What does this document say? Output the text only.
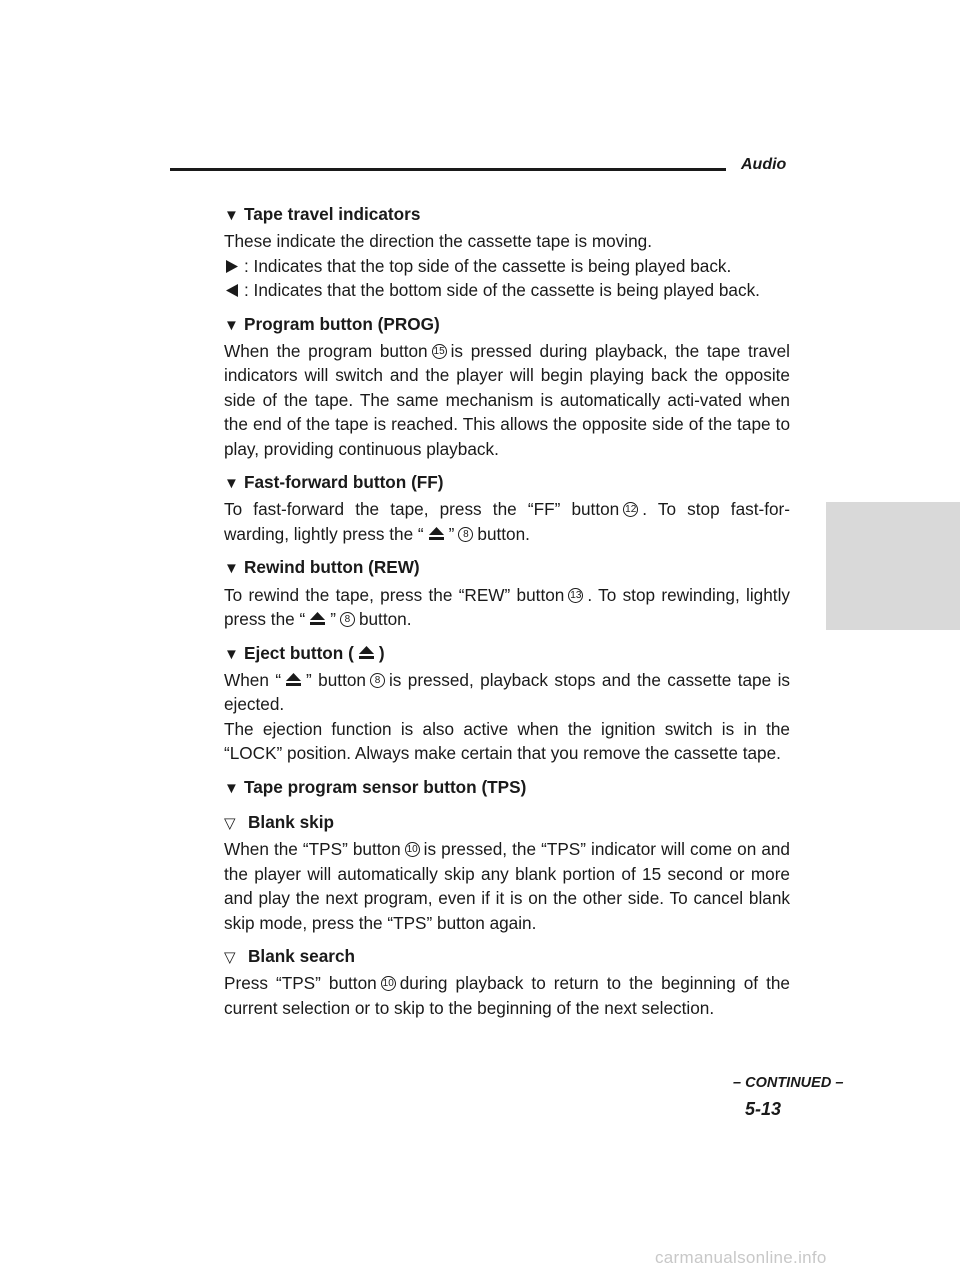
Audio
▼ Tape travel indicators

These indicate the direction the cassette tape is moving.

: Indicates that the top side of the cassette is being played back.

: Indicates that the bottom side of the cassette is being played back.

▼ Program button (PROG)

When the program button 15 is pressed during playback, the tape travel indicators will switch and the player will begin playing back the opposite side of the tape. The same mechanism is automatically acti-vated when the end of the tape is reached. This allows the opposite side of the tape to play, providing continuous playback.

▼ Fast-forward button (FF)

To fast-forward the tape, press the “FF” button 12 . To stop fast-for-warding, lightly press the “ ” 8 button.

▼ Rewind button (REW)

To rewind the tape, press the “REW” button 13 . To stop rewinding, lightly press the “ ” 8 button.

▼ Eject button ( )

When “ ” button 8 is pressed, playback stops and the cassette tape is ejected.

The ejection function is also active when the ignition switch is in the “LOCK” position. Always make certain that you remove the cassette tape.

▼ Tape program sensor button (TPS)
▽ Blank skip

When the “TPS” button 10 is pressed, the “TPS” indicator will come on and the player will automatically skip any blank portion of 15 second or more and play the next program, even if it is on the other side. To cancel blank skip mode, press the “TPS” button again.

▽ Blank search

Press “TPS” button 10 during playback to return to the beginning of the current selection or to skip to the beginning of the next selection.

– CONTINUED –
5-13
carmanualsonline.info
